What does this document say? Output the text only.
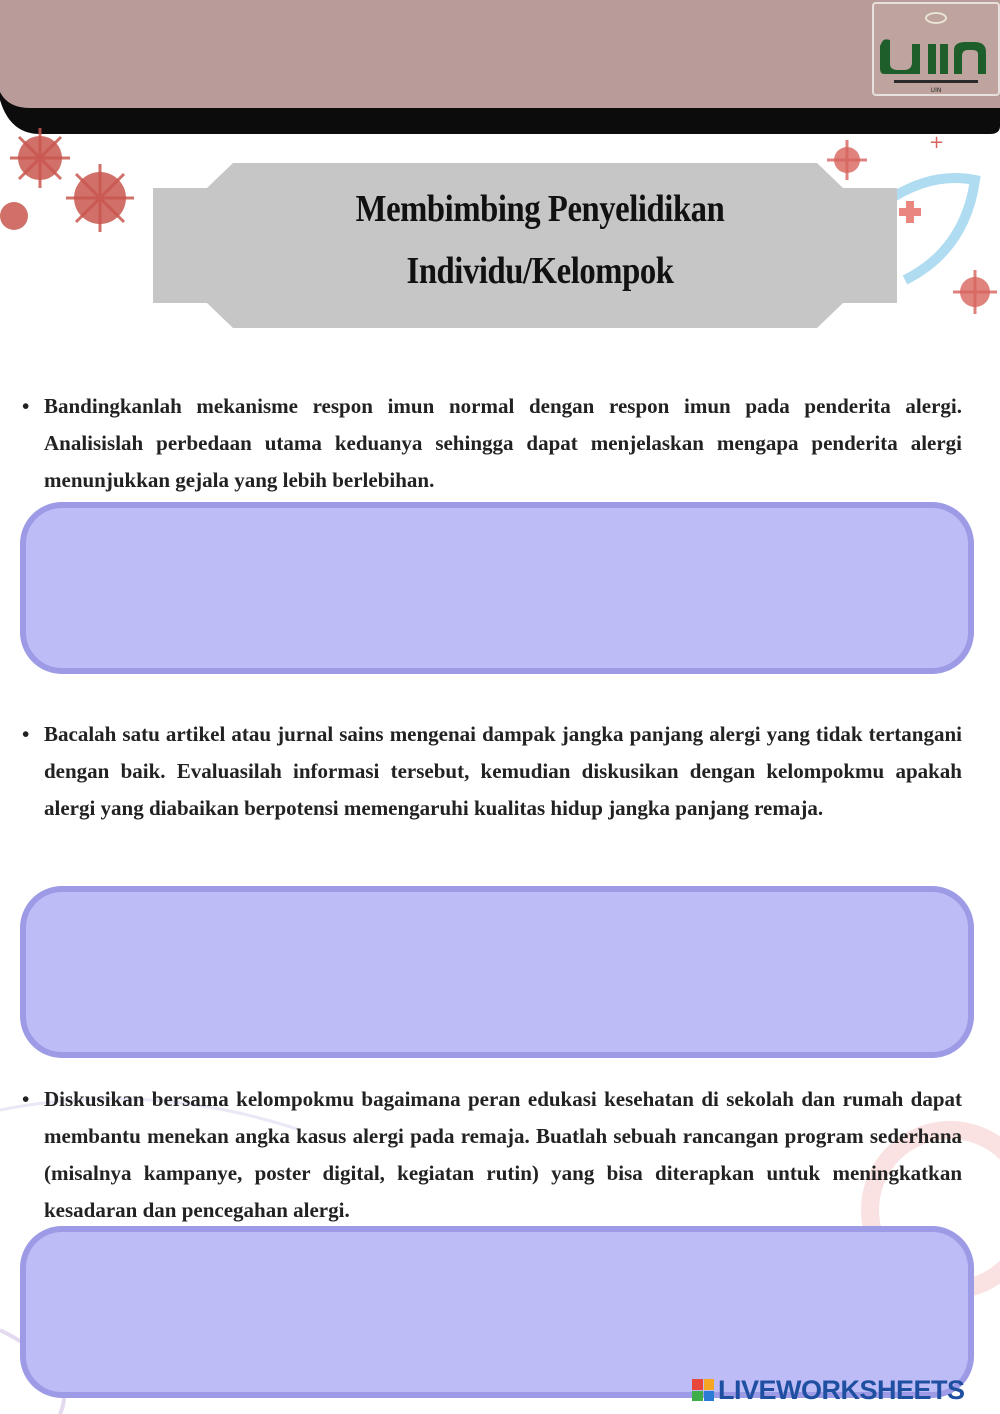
UIN
+
Membimbing Penyelidikan
Individu/Kelompok
• Bandingkanlah mekanisme respon imun normal dengan respon imun pada penderita alergi. Analisislah perbedaan utama keduanya sehingga dapat menjelaskan mengapa penderita alergi menunjukkan gejala yang lebih berlebihan.
• Bacalah satu artikel atau jurnal sains mengenai dampak jangka panjang alergi yang tidak tertangani dengan baik. Evaluasilah informasi tersebut, kemudian diskusikan dengan kelompokmu apakah alergi yang diabaikan berpotensi memengaruhi kualitas hidup jangka panjang remaja.
• Diskusikan bersama kelompokmu bagaimana peran edukasi kesehatan di sekolah dan rumah dapat membantu menekan angka kasus alergi pada remaja. Buatlah sebuah rancangan program sederhana (misalnya kampanye, poster digital, kegiatan rutin) yang bisa diterapkan untuk meningkatkan kesadaran dan pencegahan alergi.
LIVEWORKSHEETS
